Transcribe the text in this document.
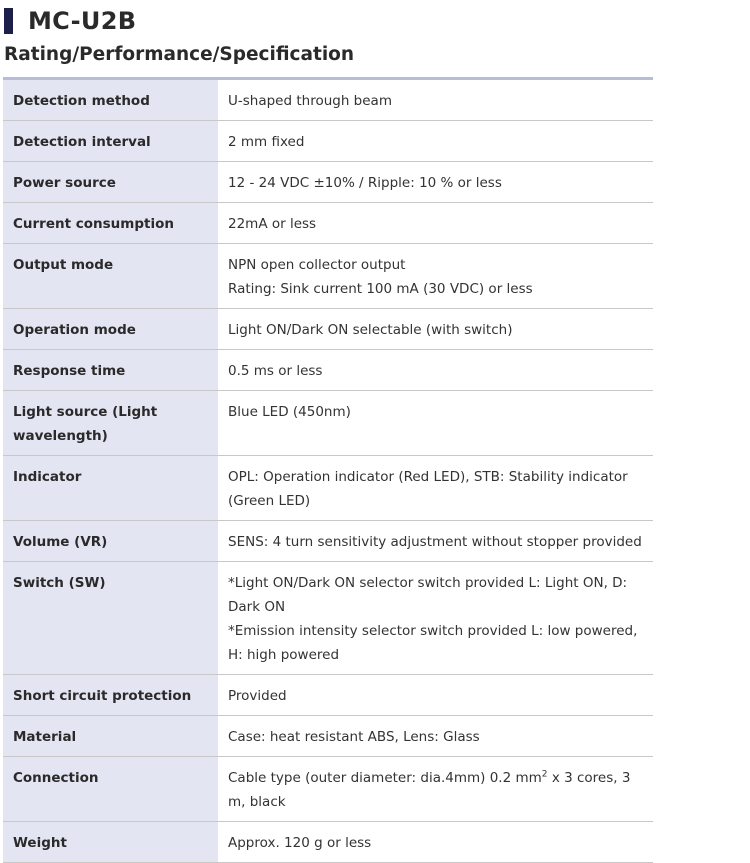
MC-U2B
Rating/Performance/Specification
Detection method	U-shaped through beam

Detection interval	2 mm fixed

Power source	12 - 24 VDC ±10% / Ripple: 10 % or less

Current consumption	22mA or less

Output mode	NPN open collector output
Rating: Sink current 100 mA (30 VDC) or less

Operation mode	Light ON/Dark ON selectable (with switch)

Response time	0.5 ms or less

Light source (Light wavelength)	Blue LED (450nm)

Indicator	OPL: Operation indicator (Red LED), STB: Stability indicator (Green LED)

Volume (VR)	SENS: 4 turn sensitivity adjustment without stopper provided

Switch (SW)	*Light ON/Dark ON selector switch provided L: Light ON, D: Dark ON
*Emission intensity selector switch provided L: low powered, H: high powered

Short circuit protection	Provided

Material	Case: heat resistant ABS, Lens: Glass

Connection	Cable type (outer diameter: dia.4mm) 0.2 $mm^2$ x 3 cores, 3 m, black
Weight	Approx. 120 g or less
